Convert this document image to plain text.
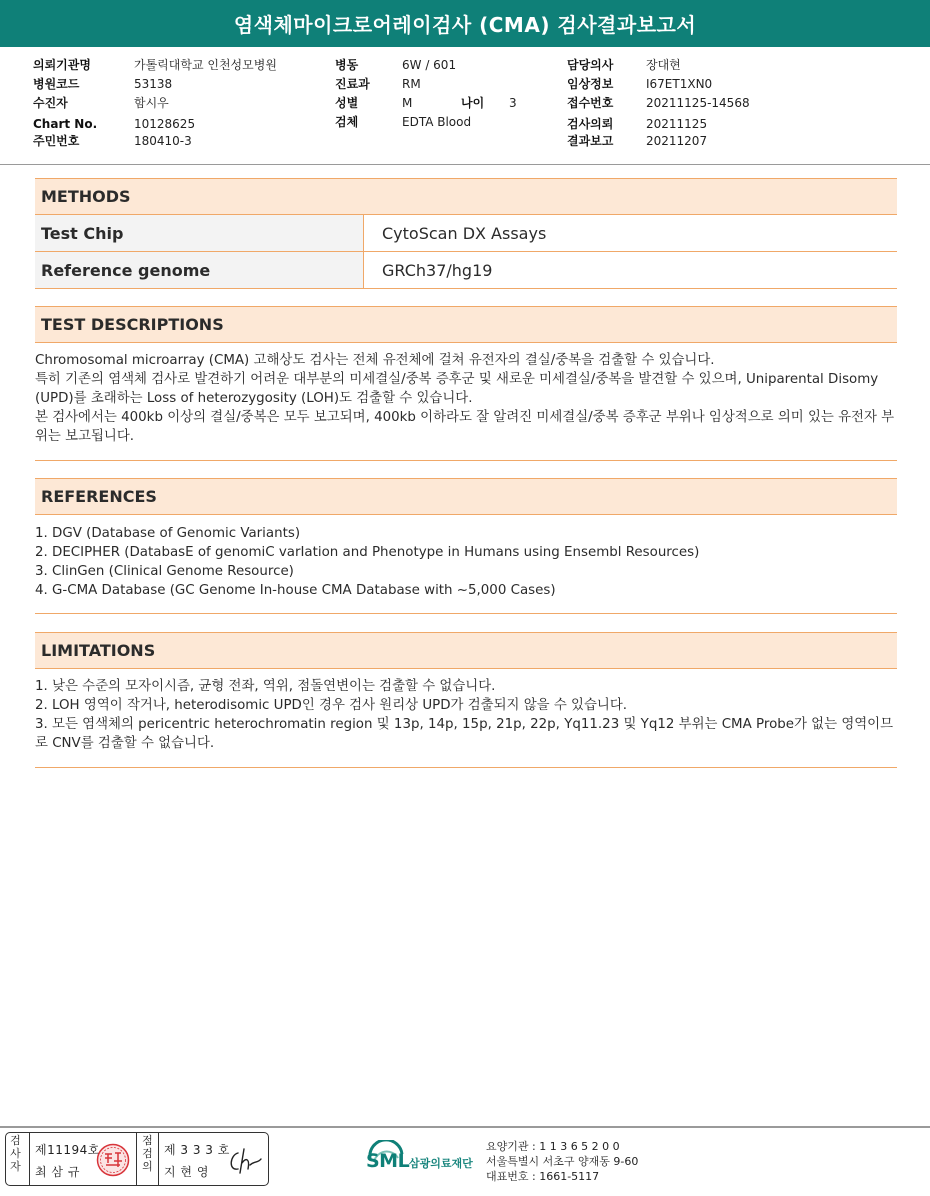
염색체마이크로어레이검사 (CMA) 검사결과보고서
의뢰기관명	가톨릭대학교 인천성모병원
병원코드	53138
수진자	함시우
Chart No.	10128625
주민번호	180410-3
병동	6W / 601
진료과	RM
성별	M	나이 3
검체	EDTA Blood
담당의사	장대현
임상정보	I67ET1XN0
접수번호	20211125-14568
검사의뢰	20211125
결과보고	20211207
METHODS
Test Chip	CytoScan DX Assays
Reference genome	GRCh37/hg19
TEST DESCRIPTIONS

Chromosomal microarray (CMA) 고해상도 검사는 전체 유전체에 걸쳐 유전자의 결실/중복을 검출할 수 있습니다.

특히 기존의 염색체 검사로 발견하기 어려운 대부분의 미세결실/중복 증후군 및 새로운 미세결실/중복을 발견할 수 있으며, Uniparental Disomy (UPD)를 초래하는 Loss of heterozygosity (LOH)도 검출할 수 있습니다.

본 검사에서는 400kb 이상의 결실/중복은 모두 보고되며, 400kb 이하라도 잘 알려진 미세결실/중복 증후군 부위나 임상적으로 의미 있는 유전자 부위는 보고됩니다.

REFERENCES

1. DGV (Database of Genomic Variants)

2. DECIPHER (DatabasE of genomiC varIation and Phenotype in Humans using Ensembl Resources)

3. ClinGen (Clinical Genome Resource)

4. G-CMA Database (GC Genome In-house CMA Database with ~5,000 Cases)

LIMITATIONS

1. 낮은 수준의 모자이시즘, 균형 전좌, 역위, 점돌연변이는 검출할 수 없습니다.

2. LOH 영역이 작거나, heterodisomic UPD인 경우 검사 원리상 UPD가 검출되지 않을 수 있습니다.

3. 모든 염색체의 pericentric heterochromatin region 및 13p, 14p, 15p, 21p, 22p, Yq11.23 및 Yq12 부위는 CMA Probe가 없는 영역이므로 CNV를 검출할 수 없습니다.

검사자
제11194호
최 삼 규
점검의
제 3 3 3 호
지 현 영	SML 삼광의료재단
요양기관 : 1 1 3 6 5 2 0 0
서울특별시 서초구 양재동 9-60
대표번호 : 1661-5117
